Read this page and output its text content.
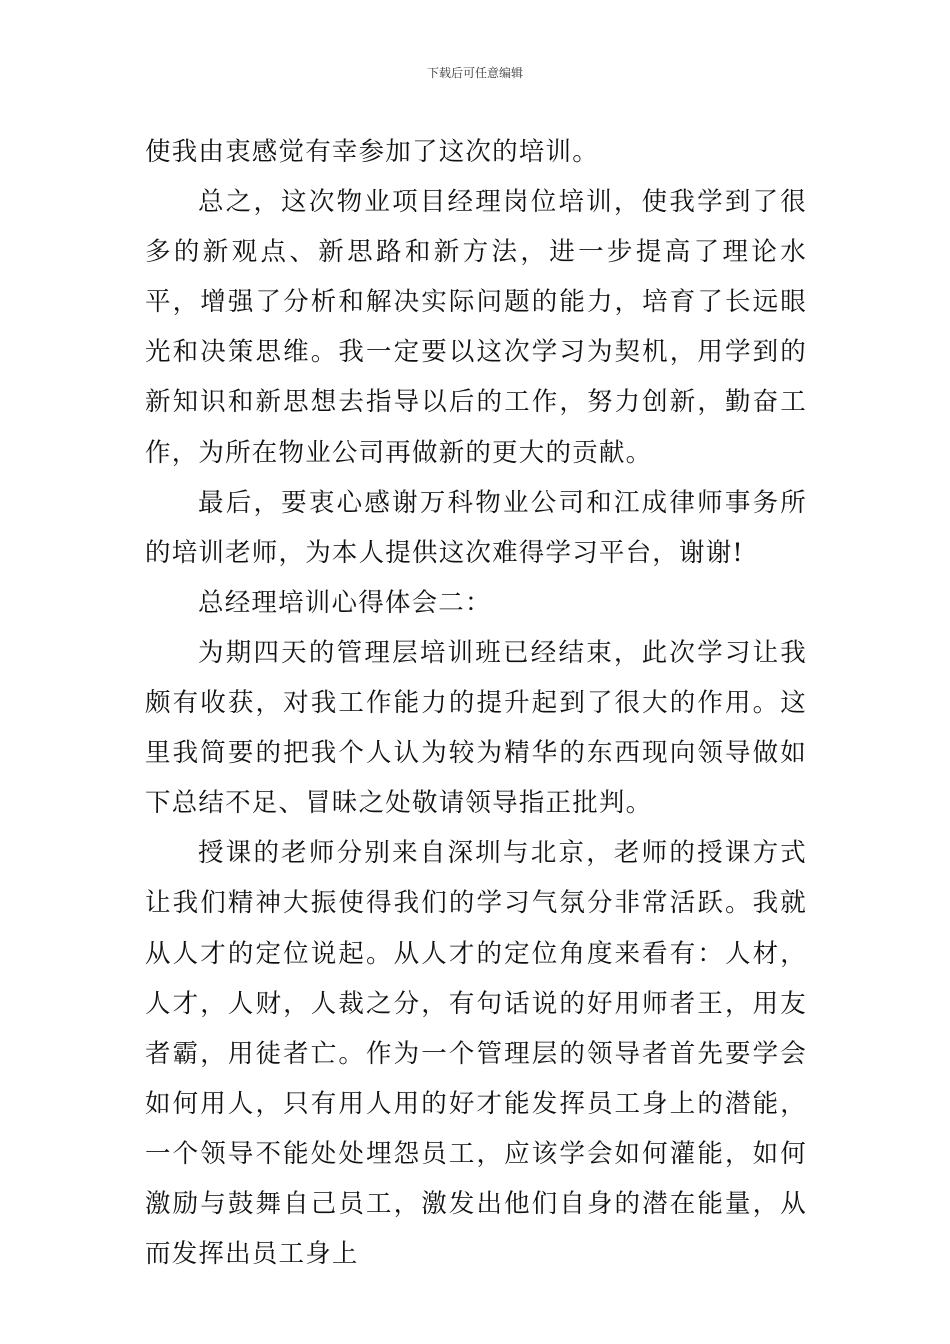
下载后可任意编辑

使我由衷感觉有幸参加了这次的培训。

总之，这次物业项目经理岗位培训，使我学到了很多的新观点、新思路和新方法，进一步提高了理论水平，增强了分析和解决实际问题的能力，培育了长远眼光和决策思维。我一定要以这次学习为契机，用学到的新知识和新思想去指导以后的工作，努力创新，勤奋工作，为所在物业公司再做新的更大的贡献。

最后，要衷心感谢万科物业公司和江成律师事务所的培训老师，为本人提供这次难得学习平台，谢谢!

总经理培训心得体会二：

为期四天的管理层培训班已经结束，此次学习让我颇有收获，对我工作能力的提升起到了很大的作用。这里我简要的把我个人认为较为精华的东西现向领导做如下总结不足、冒昧之处敬请领导指正批判。

授课的老师分别来自深圳与北京，老师的授课方式让我们精神大振使得我们的学习气氛分非常活跃。我就从人才的定位说起。从人才的定位角度来看有：人材，人才，人财，人裁之分，有句话说的好用师者王，用友者霸，用徒者亡。作为一个管理层的领导者首先要学会如何用人，只有用人用的好才能发挥员工身上的潜能，一个领导不能处处埋怨员工，应该学会如何灌能，如何激励与鼓舞自己员工，激发出他们自身的潜在能量，从而发挥出员工身上
